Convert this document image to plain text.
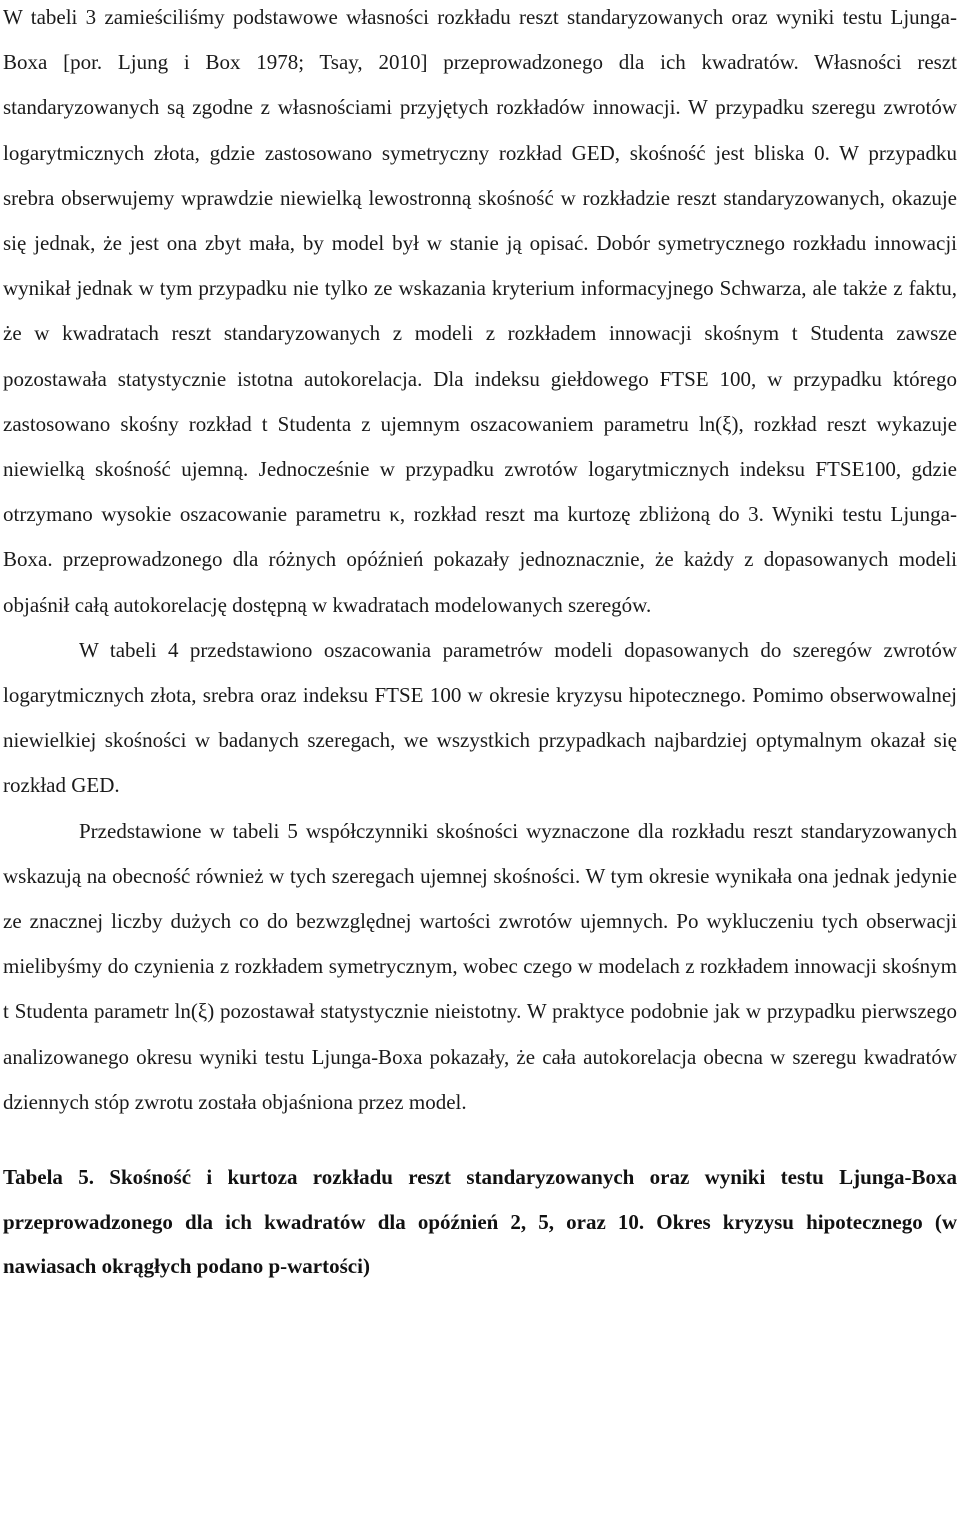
W tabeli 3 zamieściliśmy podstawowe własności rozkładu reszt standaryzowanych oraz wyniki testu Ljunga-Boxa [por. Ljung i Box 1978; Tsay, 2010] przeprowadzonego dla ich kwadratów. Własności reszt standaryzowanych są zgodne z własnościami przyjętych rozkładów innowacji. W przypadku szeregu zwrotów logarytmicznych złota, gdzie zastosowano symetryczny rozkład GED, skośność jest bliska 0. W przypadku srebra obserwujemy wprawdzie niewielką lewostronną skośność w rozkładzie reszt standaryzowanych, okazuje się jednak, że jest ona zbyt mała, by model był w stanie ją opisać. Dobór symetrycznego rozkładu innowacji wynikał jednak w tym przypadku nie tylko ze wskazania kryterium informacyjnego Schwarza, ale także z faktu, że w kwadratach reszt standaryzowanych z modeli z rozkładem innowacji skośnym t Studenta zawsze pozostawała statystycznie istotna autokorelacja. Dla indeksu giełdowego FTSE 100, w przypadku którego zastosowano skośny rozkład t Studenta z ujemnym oszacowaniem parametru ln(ξ), rozkład reszt wykazuje niewielką skośność ujemną. Jednocześnie w przypadku zwrotów logarytmicznych indeksu FTSE100, gdzie otrzymano wysokie oszacowanie parametru κ, rozkład reszt ma kurtozę zbliżoną do 3. Wyniki testu Ljunga-Boxa. przeprowadzonego dla różnych opóźnień pokazały jednoznacznie, że każdy z dopasowanych modeli objaśnił całą autokorelację dostępną w kwadratach modelowanych szeregów.

W tabeli 4 przedstawiono oszacowania parametrów modeli dopasowanych do szeregów zwrotów logarytmicznych złota, srebra oraz indeksu FTSE 100 w okresie kryzysu hipotecznego. Pomimo obserwowalnej niewielkiej skośności w badanych szeregach, we wszystkich przypadkach najbardziej optymalnym okazał się rozkład GED.

Przedstawione w tabeli 5 współczynniki skośności wyznaczone dla rozkładu reszt standaryzowanych wskazują na obecność również w tych szeregach ujemnej skośności. W tym okresie wynikała ona jednak jedynie ze znacznej liczby dużych co do bezwzględnej wartości zwrotów ujemnych. Po wykluczeniu tych obserwacji mielibyśmy do czynienia z rozkładem symetrycznym, wobec czego w modelach z rozkładem innowacji skośnym t Studenta parametr ln(ξ) pozostawał statystycznie nieistotny. W praktyce podobnie jak w przypadku pierwszego analizowanego okresu wyniki testu Ljunga-Boxa pokazały, że cała autokorelacja obecna w szeregu kwadratów dziennych stóp zwrotu została objaśniona przez model.

Tabela 5. Skośność i kurtoza rozkładu reszt standaryzowanych oraz wyniki testu Ljunga-Boxa przeprowadzonego dla ich kwadratów dla opóźnień 2, 5, oraz 10. Okres kryzysu hipotecznego (w nawiasach okrągłych podano p-wartości)
